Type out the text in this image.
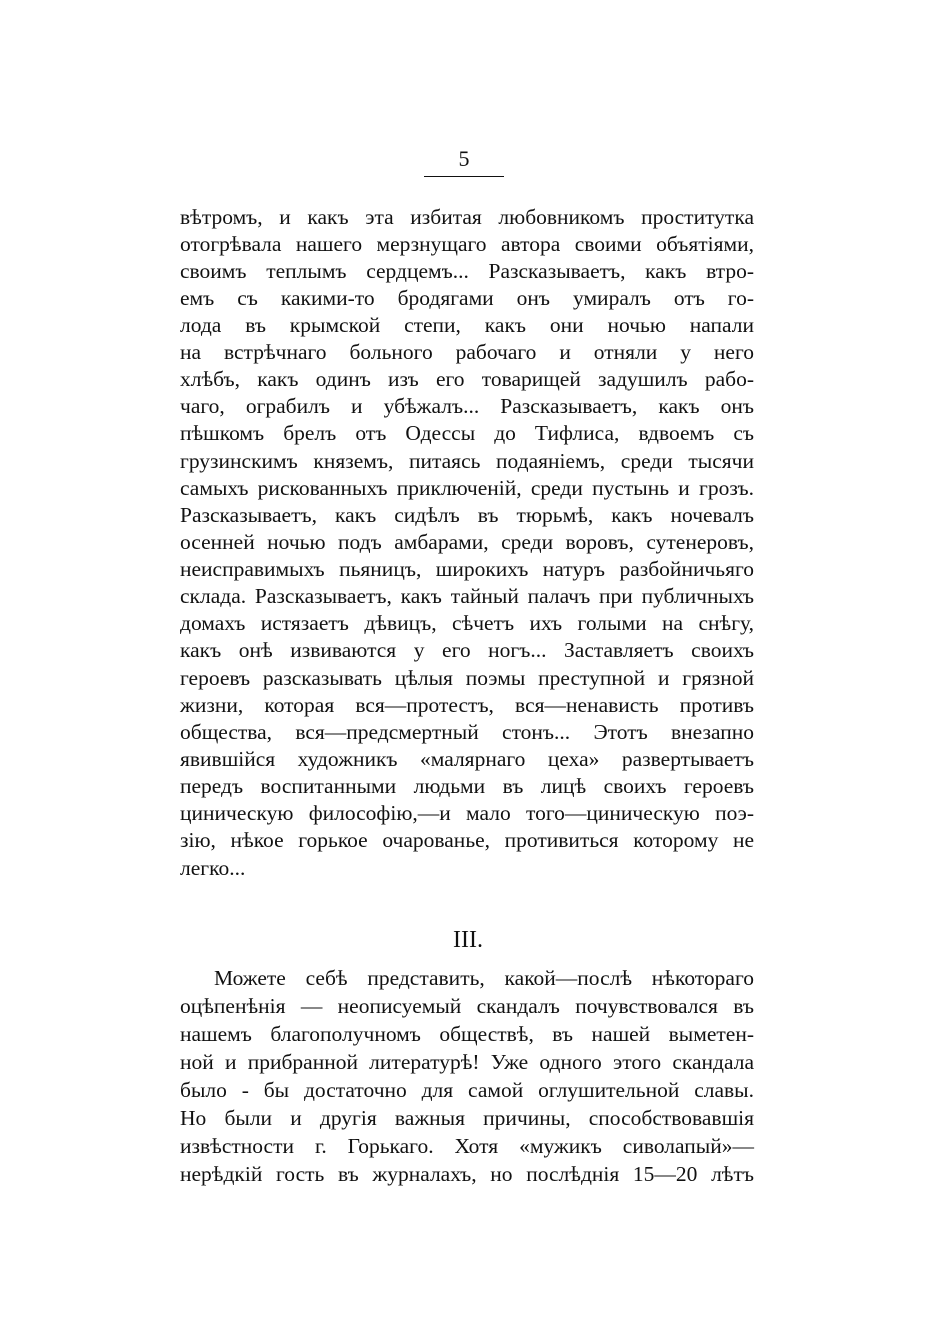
5
вѣтромъ, и какъ эта избитая любовникомъ проститутка
отогрѣвала нашего мерзнущаго автора своими объятіями,
своимъ теплымъ сердцемъ... Разсказываетъ, какъ втро-
емъ съ какими-то бродягами онъ умиралъ отъ го-
лода въ крымской степи, какъ они ночью напали
на встрѣчнаго больного рабочаго и отняли у него
хлѣбъ, какъ одинъ изъ его товарищей задушилъ рабо-
чаго, ограбилъ и убѣжалъ... Разсказываетъ, какъ онъ
пѣшкомъ брелъ отъ Одессы до Тифлиса, вдвоемъ съ
грузинскимъ княземъ, питаясь подаяніемъ, среди тысячи
самыхъ рискованныхъ приключеній, среди пустынь и грозъ.
Разсказываетъ, какъ сидѣлъ въ тюрьмѣ, какъ ночевалъ
осенней ночью подъ амбарами, среди воровъ, сутенеровъ,
неисправимыхъ пьяницъ, широкихъ натуръ разбойничьяго
склада. Разсказываетъ, какъ тайный палачъ при публичныхъ
домахъ истязаетъ дѣвицъ, сѣчетъ ихъ голыми на снѣгу,
какъ онѣ извиваются у его ногъ... Заставляетъ своихъ
героевъ разсказывать цѣлыя поэмы преступной и грязной
жизни, которая вся—протестъ, вся—ненависть противъ
общества, вся—предсмертный стонъ... Этотъ внезапно
явившійся художникъ «малярнаго цеха» развертываетъ
передъ воспитанными людьми въ лицѣ своихъ героевъ
циническую философію,—и мало того—циническую поэ-
зію, нѣкое горькое очарованье, противиться которому не
легко...
III.
Можете себѣ представить, какой—послѣ нѣкотораго
оцѣпенѣнія — неописуемый скандалъ почувствовался въ
нашемъ благополучномъ обществѣ, въ нашей выметен-
ной и прибранной литературѣ! Уже одного этого скандала
было - бы достаточно для самой оглушительной славы.
Но были и другія важныя причины, способствовавшія
извѣстности г. Горькаго. Хотя «мужикъ сиволапый»—
нерѣдкій гость въ журналахъ, но послѣднія 15—20 лѣтъ
